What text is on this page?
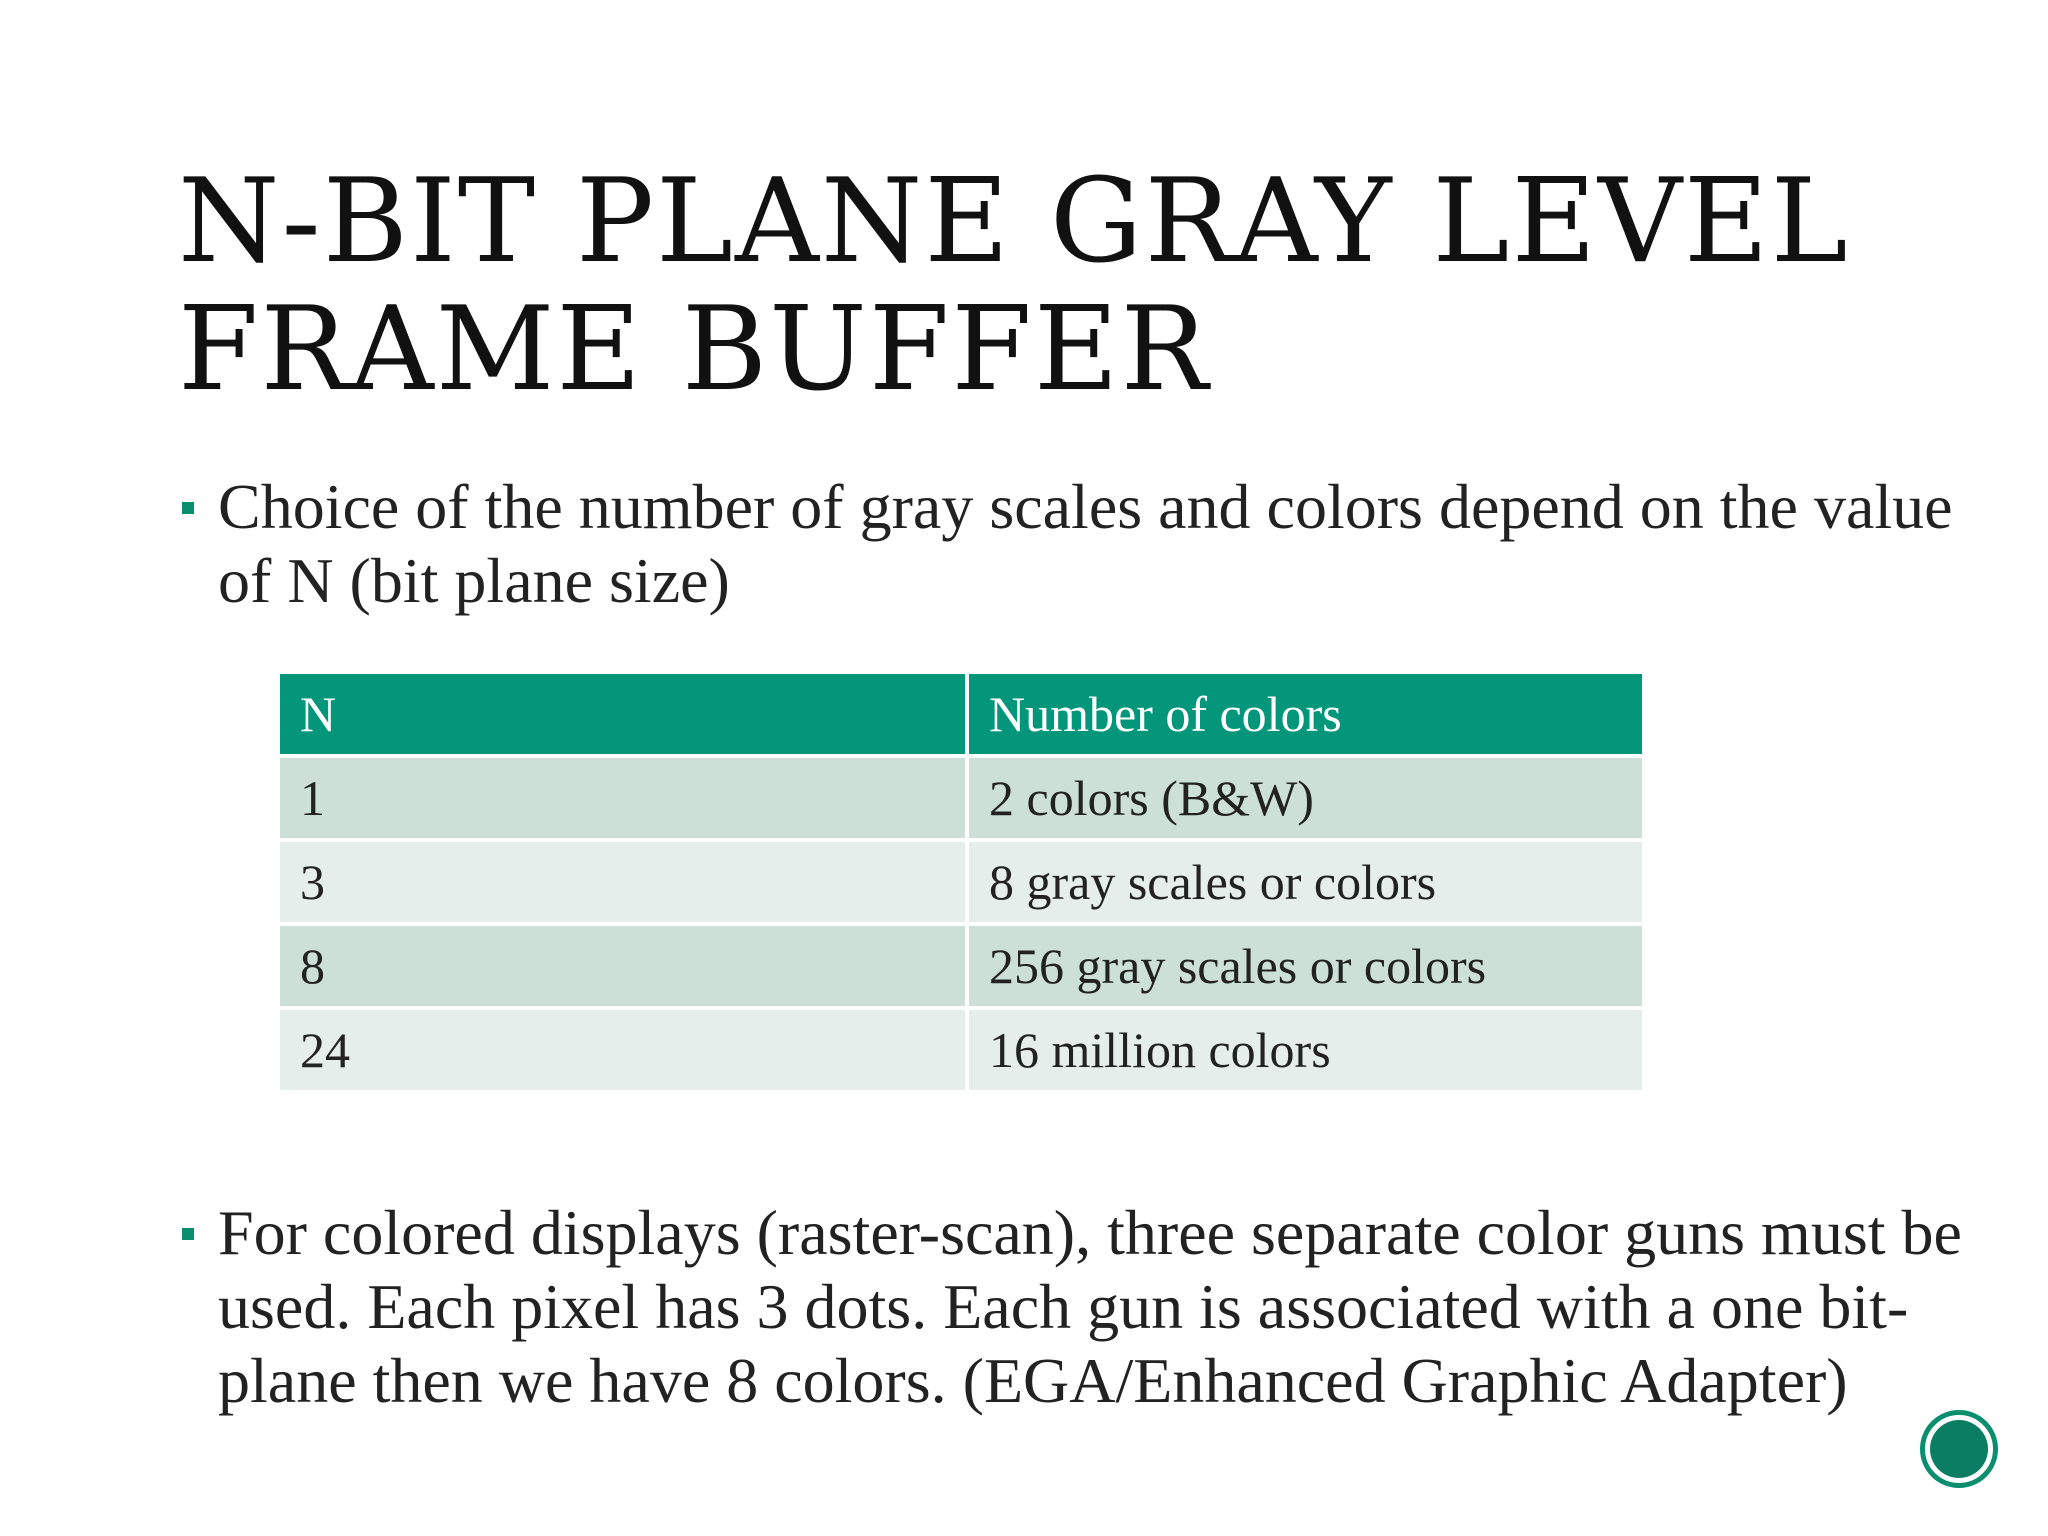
N-BIT PLANE GRAY LEVEL
FRAME BUFFER
Choice of the number of gray scales and colors depend on the value of N (bit plane size)
N	Number of colors
1	2 colors (B&W)
3	8 gray scales or colors
8	256 gray scales or colors
24	16 million colors
For colored displays (raster-scan), three separate color guns must be used. Each pixel has 3 dots. Each gun is associated with a one bit-plane then we have 8 colors. (EGA/Enhanced Graphic Adapter)
